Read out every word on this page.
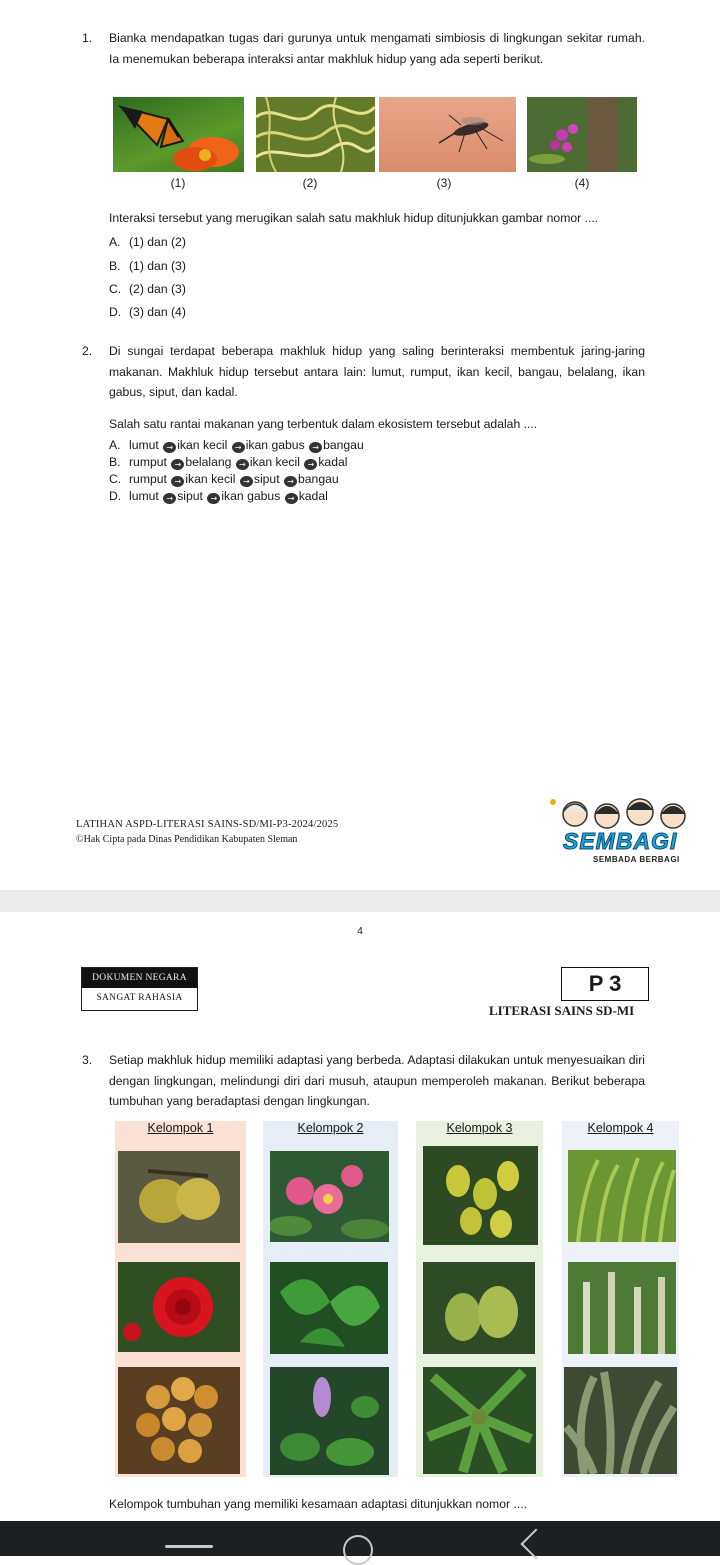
1. Bianka mendapatkan tugas dari gurunya untuk mengamati simbiosis di lingkungan sekitar rumah. Ia menemukan beberapa interaksi antar makhluk hidup yang ada seperti berikut.
(1)	(2)	(3)	(4)
Interaksi tersebut yang merugikan salah satu makhluk hidup ditunjukkan gambar nomor ....
A. (1) dan (2)
B. (1) dan (3)
C. (2) dan (3)
D. (3) dan (4)
2. Di sungai terdapat beberapa makhluk hidup yang saling berinteraksi membentuk jaring-jaring makanan. Makhluk hidup tersebut antara lain: lumut, rumput, ikan kecil, bangau, belalang, ikan gabus, siput, dan kadal.
Salah satu rantai makanan yang terbentuk dalam ekosistem tersebut adalah ....
A. lumut → ikan kecil → ikan gabus → bangau
B. rumput → belalang → ikan kecil → kadal
C. rumput → ikan kecil → siput → bangau
D. lumut → siput → ikan gabus → kadal
LATIHAN ASPD-LITERASI SAINS-SD/MI-P3-2024/2025
©Hak Cipta pada Dinas Pendidikan Kabupaten Sleman	SEMBAGI
SEMBADA BERBAGI
4
DOKUMEN NEGARA
SANGAT RAHASIA
P 3
LITERASI SAINS SD-MI
3. Setiap makhluk hidup memiliki adaptasi yang berbeda. Adaptasi dilakukan untuk menyesuaikan diri dengan lingkungan, melindungi diri dari musuh, ataupun memperoleh makanan. Berikut beberapa tumbuhan yang beradaptasi dengan lingkungan.
Kelompok 1	Kelompok 2	Kelompok 3	Kelompok 4
Kelompok tumbuhan yang memiliki kesamaan adaptasi ditunjukkan nomor ....
